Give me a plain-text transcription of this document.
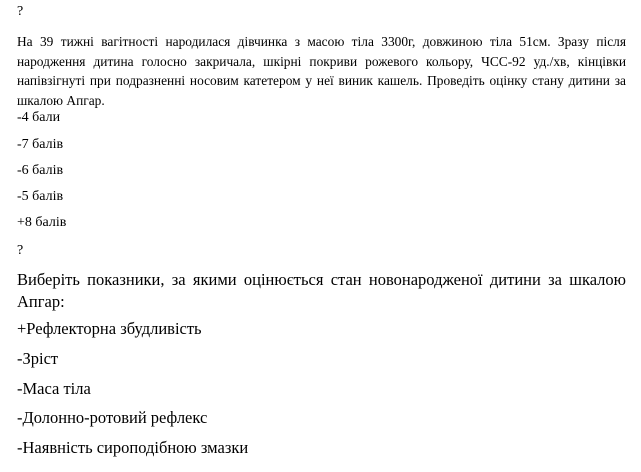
?
На 39 тижні вагітності народилася дівчинка з масою тіла 3300г, довжиною тіла 51см. Зразу після народження дитина голосно закричала, шкірні покриви рожевого кольору, ЧСС-92 уд./хв, кінцівки напівзігнуті при подразненні носовим катетером у неї виник кашель. Проведіть оцінку стану дитини за шкалою Апгар.
-4 бали
-7 балів
-6 балів
-5 балів
+8 балів
?
Виберіть показники, за якими оцінюється стан новонародженої дитини за шкалою Апгар:
+Рефлекторна збудливість
-Зріст
-Маса тіла
-Долонно-ротовий рефлекс
-Наявність сироподібною змазки
